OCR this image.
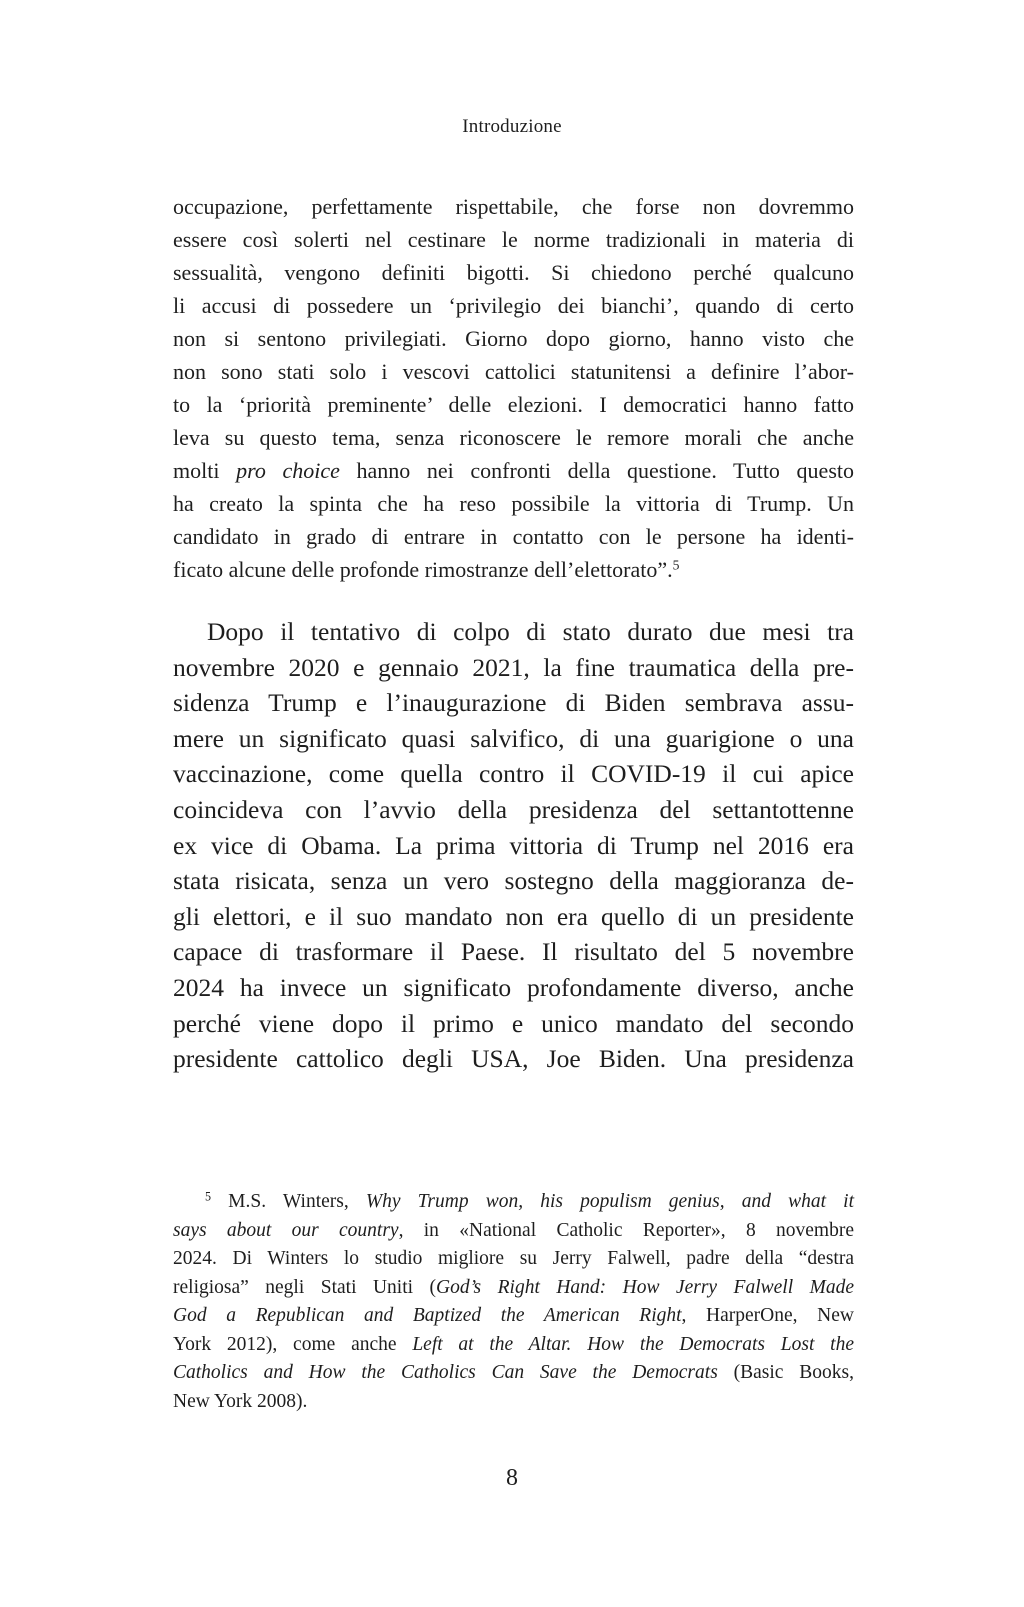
Introduzione
occupazione, perfettamente rispettabile, che forse non dovremmo
essere così solerti nel cestinare le norme tradizionali in materia di
sessualità, vengono definiti bigotti. Si chiedono perché qualcuno
li accusi di possedere un ‘privilegio dei bianchi’, quando di certo
non si sentono privilegiati. Giorno dopo giorno, hanno visto che
non sono stati solo i vescovi cattolici statunitensi a definire l’abor-
to la ‘priorità preminente’ delle elezioni. I democratici hanno fatto
leva su questo tema, senza riconoscere le remore morali che anche
molti pro choice hanno nei confronti della questione. Tutto questo
ha creato la spinta che ha reso possibile la vittoria di Trump. Un
candidato in grado di entrare in contatto con le persone ha identi-
ficato alcune delle profonde rimostranze dell’elettorato”.$^5$
Dopo il tentativo di colpo di stato durato due mesi tra
novembre 2020 e gennaio 2021, la fine traumatica della pre-
sidenza Trump e l’inaugurazione di Biden sembrava assu-
mere un significato quasi salvifico, di una guarigione o una
vaccinazione, come quella contro il COVID-19 il cui apice
coincideva con l’avvio della presidenza del settantottenne
ex vice di Obama. La prima vittoria di Trump nel 2016 era
stata risicata, senza un vero sostegno della maggioranza de-
gli elettori, e il suo mandato non era quello di un presidente
capace di trasformare il Paese. Il risultato del 5 novembre
2024 ha invece un significato profondamente diverso, anche
perché viene dopo il primo e unico mandato del secondo
presidente cattolico degli USA, Joe Biden. Una presidenza
$^5$ M.S. Winters, Why Trump won, his populism genius, and what it
says about our country, in «National Catholic Reporter», 8 novembre
2024. Di Winters lo studio migliore su Jerry Falwell, padre della “destra
religiosa” negli Stati Uniti (God’s Right Hand: How Jerry Falwell Made
God a Republican and Baptized the American Right, HarperOne, New
York 2012), come anche Left at the Altar. How the Democrats Lost the
Catholics and How the Catholics Can Save the Democrats (Basic Books,
New York 2008).
8
